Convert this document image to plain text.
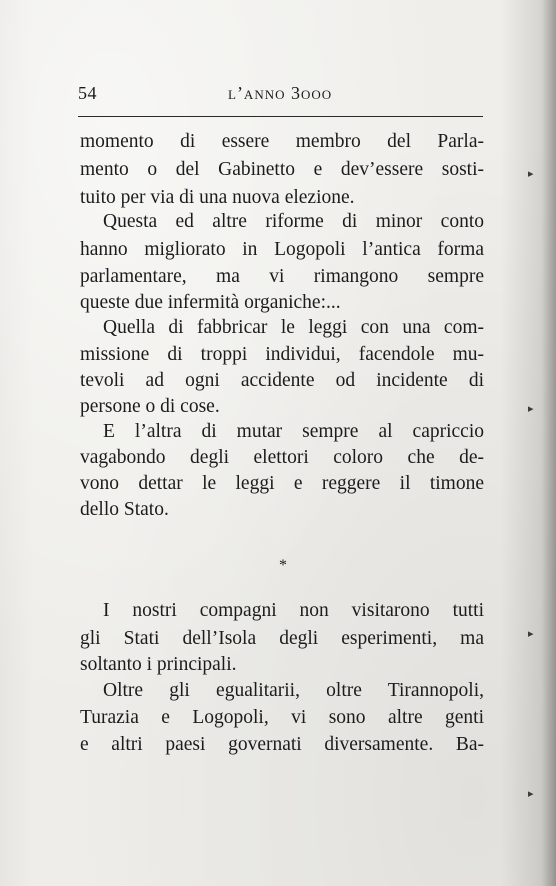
54	l’anno 3ooo
momento di essere membro del Parla-
mento o del Gabinetto e dev’essere sosti-
tuito per via di una nuova elezione.
Questa ed altre riforme di minor conto
hanno migliorato in Logopoli l’antica forma
parlamentare, ma vi rimangono sempre
queste due infermità organiche:...
Quella di fabbricar le leggi con una com-
missione di troppi individui, facendole mu-
tevoli ad ogni accidente od incidente di
persone o di cose.
E l’altra di mutar sempre al capriccio
vagabondo degli elettori coloro che de-
vono dettar le leggi e reggere il timone
dello Stato.
*
I nostri compagni non visitarono tutti
gli Stati dell’Isola degli esperimenti, ma
soltanto i principali.
Oltre gli egualitarii, oltre Tirannopoli,
Turazia e Logopoli, vi sono altre genti
e altri paesi governati diversamente. Ba-
▸
▸
▸
▸
